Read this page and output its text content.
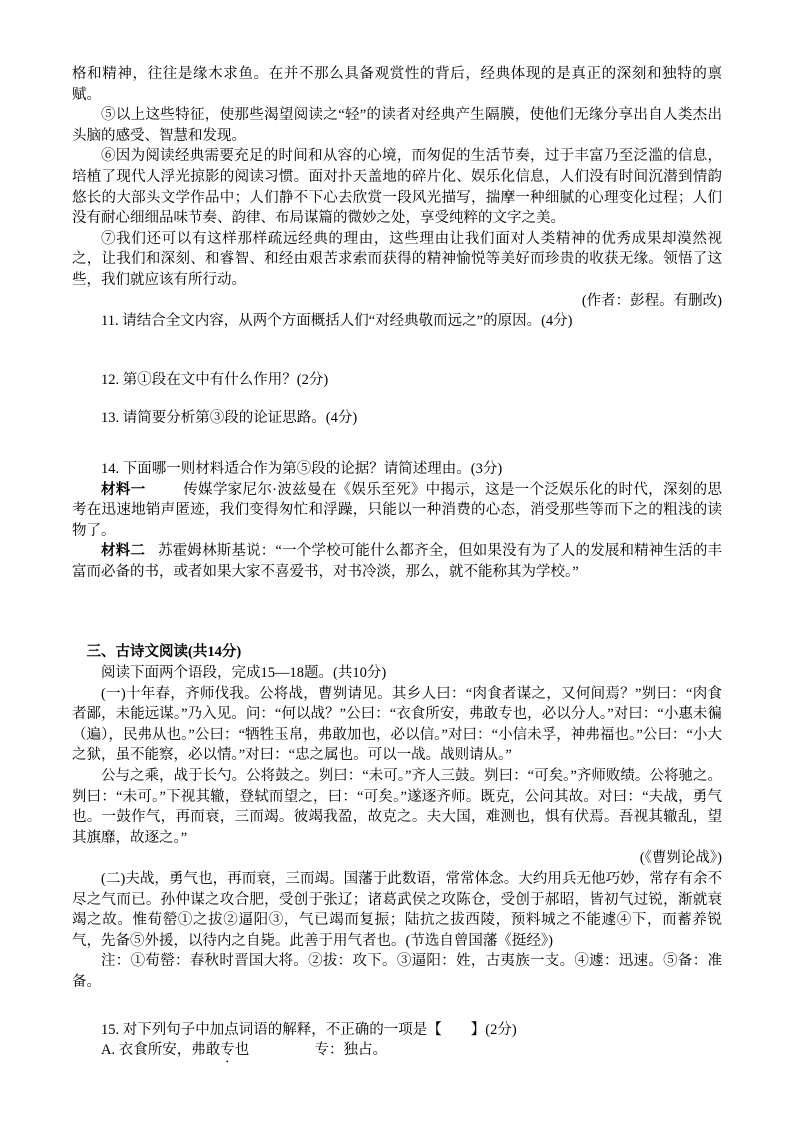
格和精神，往往是缘木求鱼。在并不那么具备观赏性的背后，经典体现的是真正的深刻和独特的禀赋。

⑤以上这些特征，使那些渴望阅读之“轻”的读者对经典产生隔膜，使他们无缘分享出自人类杰出头脑的感受、智慧和发现。

⑥因为阅读经典需要充足的时间和从容的心境，而匆促的生活节奏，过于丰富乃至泛滥的信息，培植了现代人浮光掠影的阅读习惯。面对扑天盖地的碎片化、娱乐化信息，人们没有时间沉潜到情韵悠长的大部头文学作品中；人们静不下心去欣赏一段风光描写，揣摩一种细腻的心理变化过程；人们没有耐心细细品味节奏、韵律、布局谋篇的微妙之处，享受纯粹的文字之美。

⑦我们还可以有这样那样疏远经典的理由，这些理由让我们面对人类精神的优秀成果却漠然视之，让我们和深刻、和睿智、和经由艰苦求索而获得的精神愉悦等美好而珍贵的收获无缘。领悟了这些，我们就应该有所行动。

(作者：彭程。有删改)

11. 请结合全文内容，从两个方面概括人们“对经典敬而远之”的原因。(4分)

12. 第①段在文中有什么作用？(2分)

13. 请简要分析第③段的论证思路。(4分)

14. 下面哪一则材料适合作为第⑤段的论据？请简述理由。(3分)

材料一	传媒学家尼尔·波兹曼在《娱乐至死》中揭示，这是一个泛娱乐化的时代，深刻的思考在迅速地销声匿迹，我们变得匆忙和浮躁，只能以一种消费的心态，消受那些等而下之的粗浅的读物了。

材料二 苏霍姆林斯基说：“一个学校可能什么都齐全，但如果没有为了人的发展和精神生活的丰富而必备的书，或者如果大家不喜爱书，对书冷淡，那么，就不能称其为学校。”

三、古诗文阅读(共14分)

阅读下面两个语段，完成15—18题。(共10分)

(一)十年春，齐师伐我。公将战，曹刿请见。其乡人曰：“肉食者谋之，又何间焉？”刿曰：“肉食者鄙，未能远谋。”乃入见。问：“何以战？”公曰：“衣食所安，弗敢专也，必以分人。”对曰：“小惠未徧（遍），民弗从也。”公曰：“牺牲玉帛，弗敢加也，必以信。”对曰：“小信未孚，神弗福也。”公曰：“小大之狱，虽不能察，必以情。”对曰：“忠之属也。可以一战。战则请从。”

公与之乘，战于长勺。公将鼓之。刿曰：“未可。”齐人三鼓。刿曰：“可矣。”齐师败绩。公将驰之。刿曰：“未可。”下视其辙，登轼而望之，曰：“可矣。”遂逐齐师。既克，公问其故。对曰：“夫战，勇气也。一鼓作气，再而衰，三而竭。彼竭我盈，故克之。夫大国，难测也，惧有伏焉。吾视其辙乱，望其旗靡，故逐之。”

(《曹刿论战》)

(二)夫战，勇气也，再而衰，三而竭。国藩于此数语，常常体念。大约用兵无他巧妙，常存有余不尽之气而已。孙仲谋之攻合肥，受创于张辽；诸葛武侯之攻陈仓，受创于郝昭，皆初气过锐，渐就衰竭之故。惟荀罃①之拔②逼阳③，气已竭而复振；陆抗之拔西陵，预料城之不能遽④下，而蓄养锐气，先备⑤外援，以待内之自毙。此善于用气者也。(节选自曾国藩《挺经》)

注：①荀罃：春秋时晋国大将。②拔：攻下。③逼阳：姓，古夷族一支。④遽：迅速。⑤备：准备。

15. 对下列句子中加点词语的解释，不正确的一项是【　　】(2分)

A. 衣食所安，弗敢专也	专：独占。
